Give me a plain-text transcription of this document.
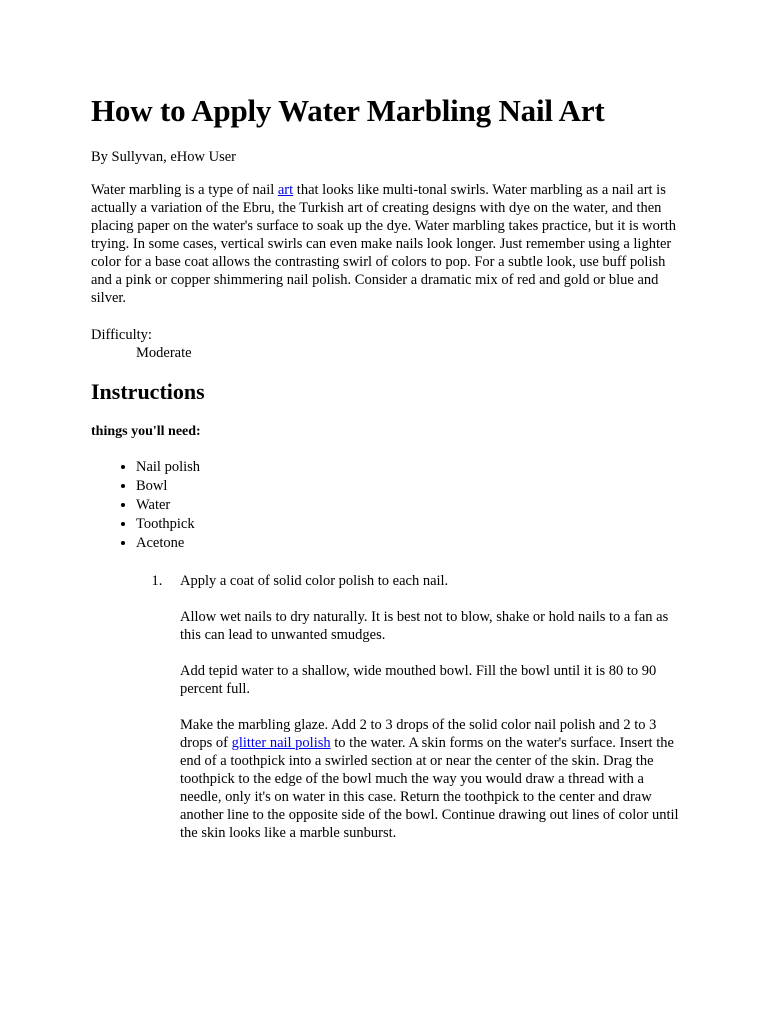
How to Apply Water Marbling Nail Art

By Sullyvan, eHow User

Water marbling is a type of nail art that looks like multi-tonal swirls. Water marbling as a nail art is actually a variation of the Ebru, the Turkish art of creating designs with dye on the water, and then placing paper on the water's surface to soak up the dye. Water marbling takes practice, but it is worth trying. In some cases, vertical swirls can even make nails look longer. Just remember using a lighter color for a base coat allows the contrasting swirl of colors to pop. For a subtle look, use buff polish and a pink or copper shimmering nail polish. Consider a dramatic mix of red and gold or blue and silver.

Difficulty:
Moderate
Instructions
things you'll need:
• Nail polish
• Bowl
• Water
• Toothpick
• Acetone

1. Apply a coat of solid color polish to each nail.

Allow wet nails to dry naturally. It is best not to blow, shake or hold nails to a fan as this can lead to unwanted smudges.

Add tepid water to a shallow, wide mouthed bowl. Fill the bowl until it is 80 to 90 percent full.

Make the marbling glaze. Add 2 to 3 drops of the solid color nail polish and 2 to 3 drops of glitter nail polish to the water. A skin forms on the water's surface. Insert the end of a toothpick into a swirled section at or near the center of the skin. Drag the toothpick to the edge of the bowl much the way you would draw a thread with a needle, only it's on water in this case. Return the toothpick to the center and draw another line to the opposite side of the bowl. Continue drawing out lines of color until the skin looks like a marble sunburst.
